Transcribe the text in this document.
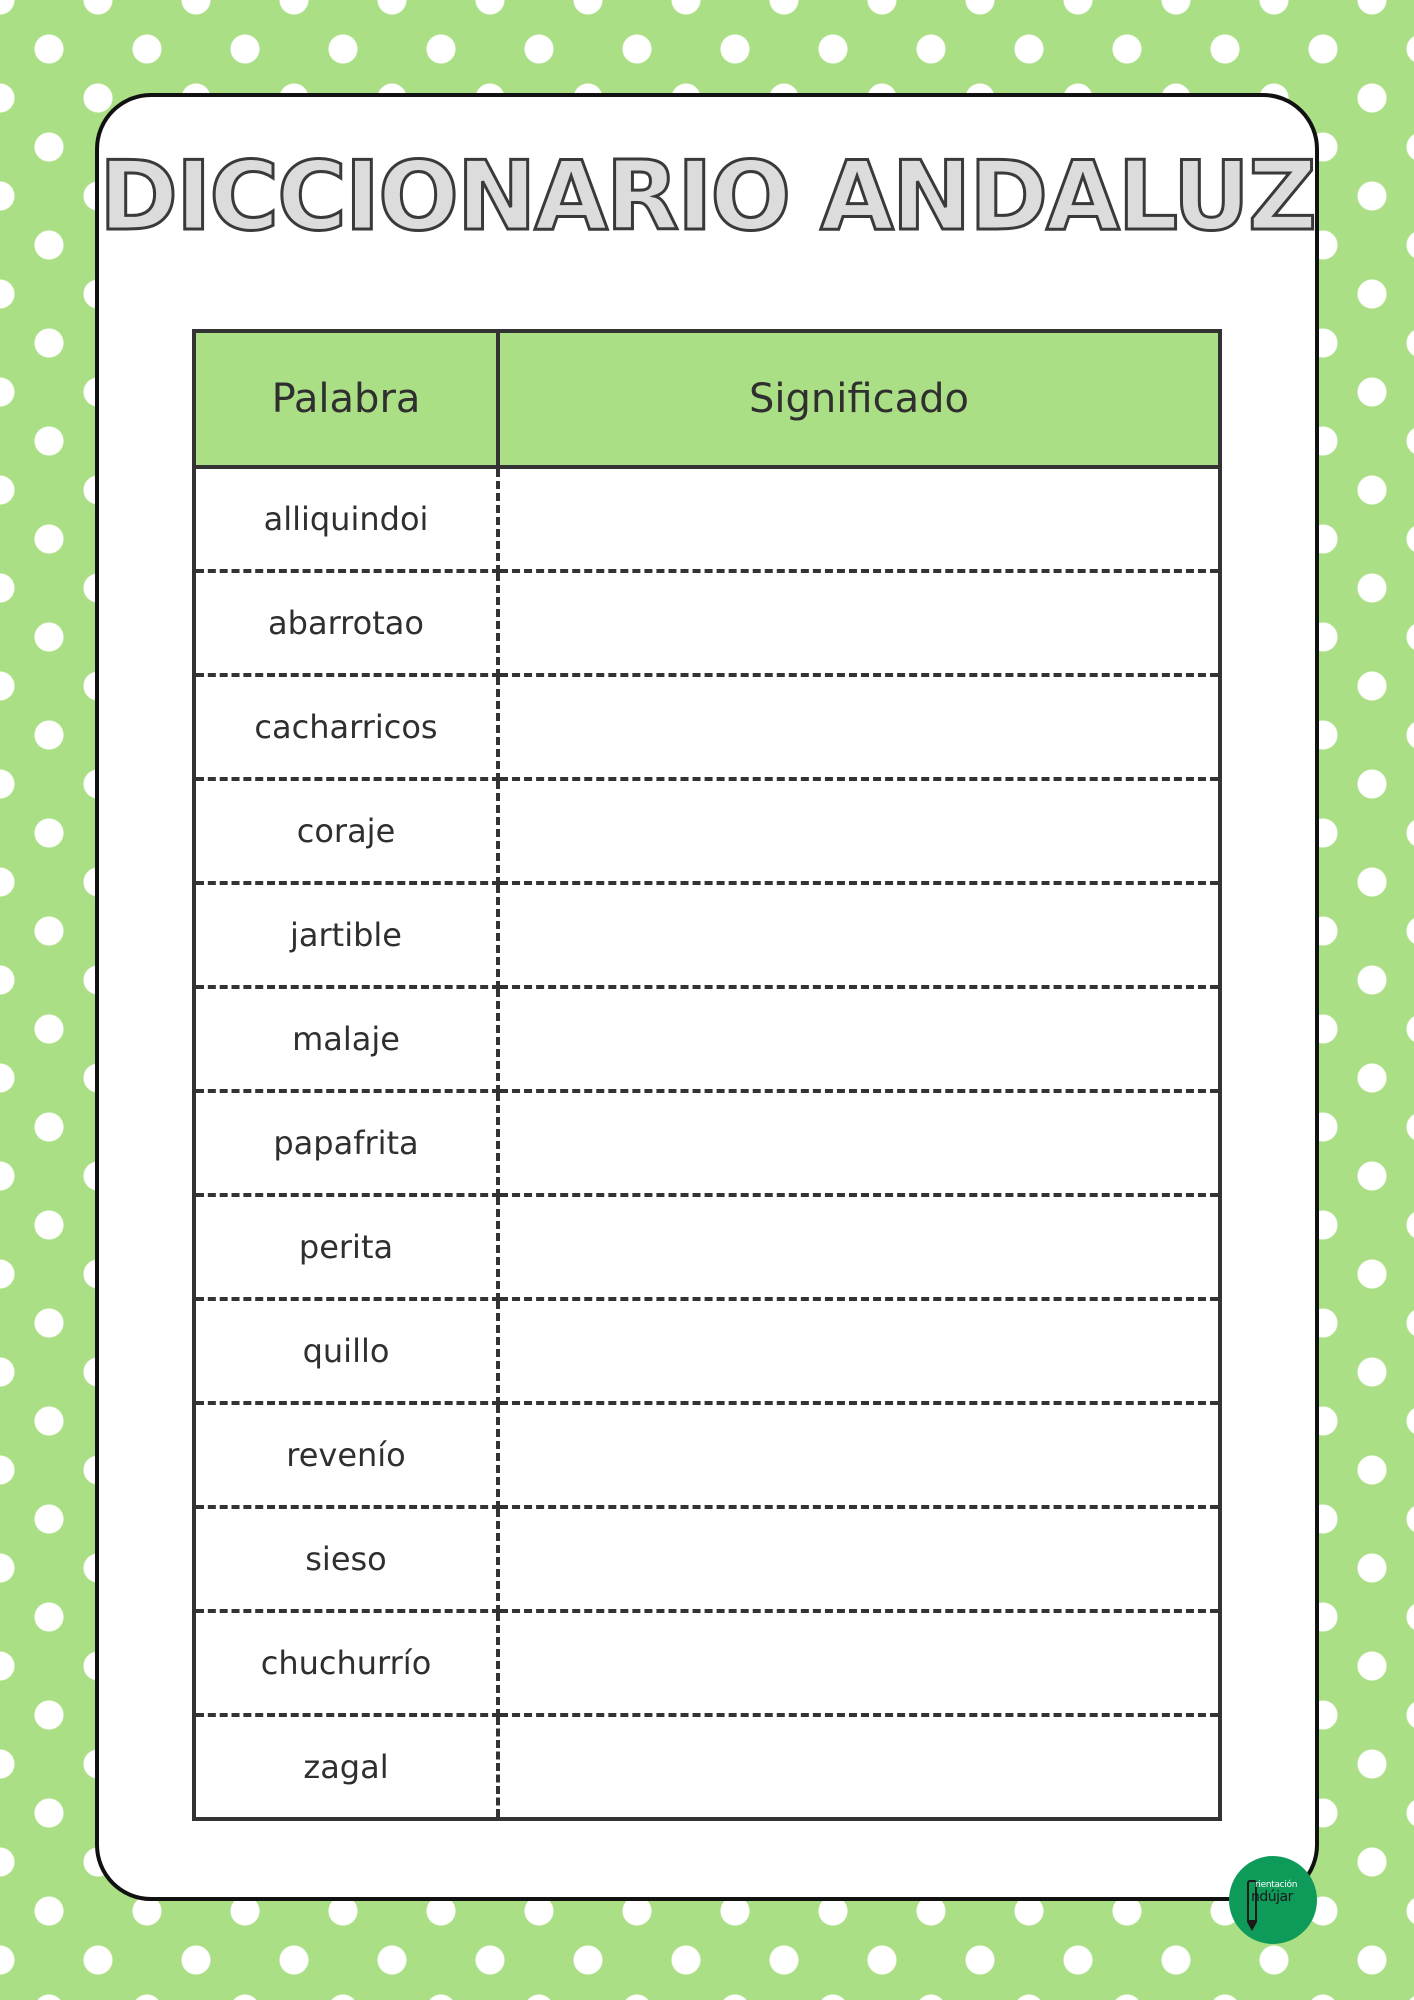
DICCIONARIO ANDALUZ
Palabra	Significado
alliquindoi	
abarrotao	
cacharricos	
coraje	
jartible	
malaje	
papafrita	
perita	
quillo	
revenío	
sieso	
chuchurrío	
zagal	
rientación
ndújar
